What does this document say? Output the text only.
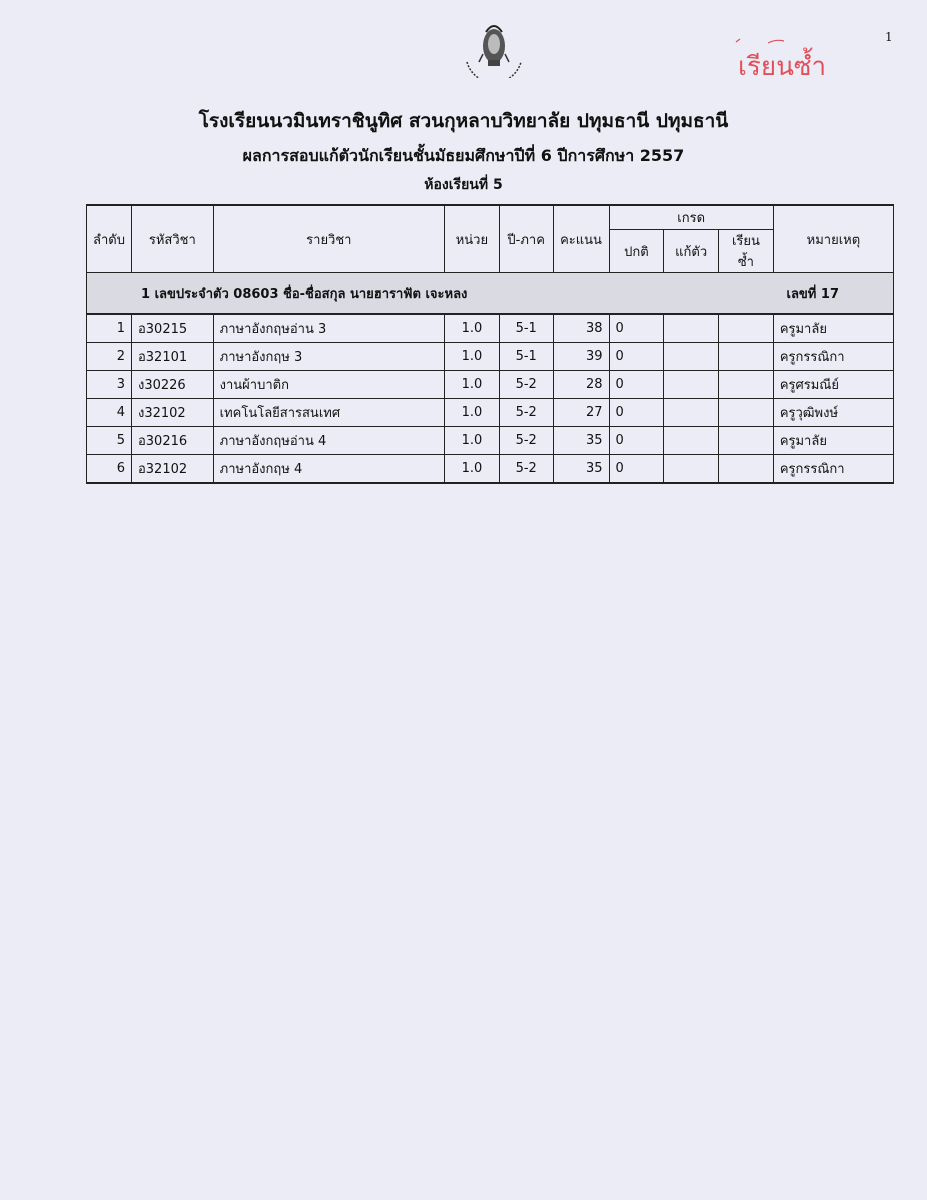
1
เรียนซ้ำ
โรงเรียนนวมินทราชินูทิศ สวนกุหลาบวิทยาลัย ปทุมธานี ปทุมธานี
ผลการสอบแก้ตัวนักเรียนชั้นมัธยมศึกษาปีที่ 6 ปีการศึกษา 2557
ห้องเรียนที่ 5
ลำดับ	รหัสวิชา	รายวิชา	หน่วย	ปี-ภาค	คะแนน	เกรด			หมายเหตุ
						ปกติ	แก้ตัว	เรียนซ้ำ	

1 เลขประจำตัว 08603 ชื่อ-ชื่อสกุล นายฮาราฟัต เจะหลง เลขที่ 17									

1	อ30215	ภาษาอังกฤษอ่าน 3	1.0	5-1	38	0			ครูมาลัย
2	อ32101	ภาษาอังกฤษ 3	1.0	5-1	39	0			ครูกรรณิกา
3	ง30226	งานผ้าบาติก	1.0	5-2	28	0			ครูศรมณีย์
4	ง32102	เทคโนโลยีสารสนเทศ	1.0	5-2	27	0			ครูวุฒิพงษ์
5	อ30216	ภาษาอังกฤษอ่าน 4	1.0	5-2	35	0			ครูมาลัย
6	อ32102	ภาษาอังกฤษ 4	1.0	5-2	35	0			ครูกรรณิกา
